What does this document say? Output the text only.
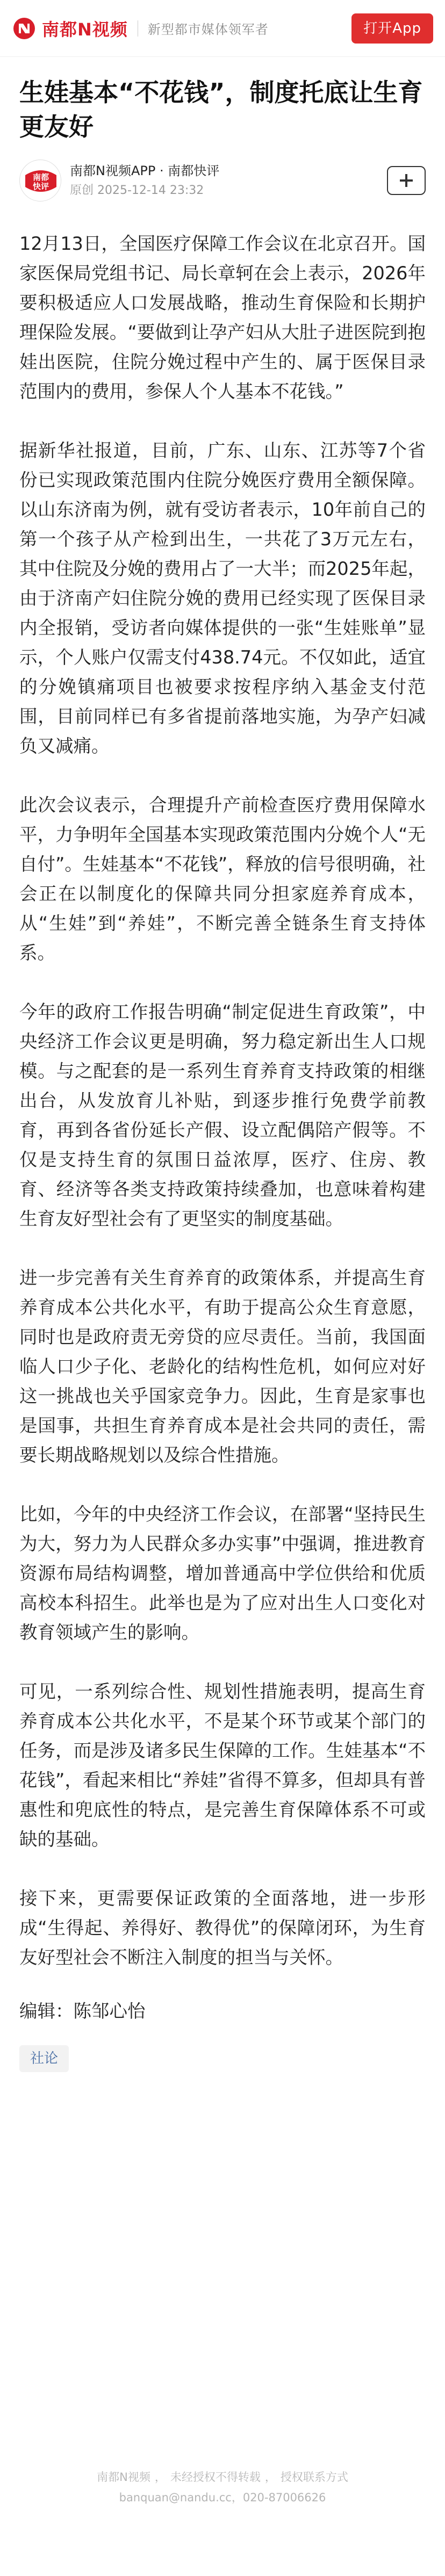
南都N视频 新型都市媒体领军者	打开App
生娃基本“不花钱”，制度托底让生育更友好
南都
快评
南都N视频APP · 南都快评
原创 2025-12-14 23:32

12月13日，全国医疗保障工作会议在北京召开。国家医保局党组书记、局长章轲在会上表示，2026年要积极适应人口发展战略，推动生育保险和长期护理保险发展。“要做到让孕产妇从大肚子进医院到抱娃出医院，住院分娩过程中产生的、属于医保目录范围内的费用，参保人个人基本不花钱。”

据新华社报道，目前，广东、山东、江苏等7个省份已实现政策范围内住院分娩医疗费用全额保障。以山东济南为例，就有受访者表示，10年前自己的第一个孩子从产检到出生，一共花了3万元左右，其中住院及分娩的费用占了一大半；而2025年起，由于济南产妇住院分娩的费用已经实现了医保目录内全报销，受访者向媒体提供的一张“生娃账单”显示，个人账户仅需支付438.74元。不仅如此，适宜的分娩镇痛项目也被要求按程序纳入基金支付范围，目前同样已有多省提前落地实施，为孕产妇减负又减痛。

此次会议表示，合理提升产前检查医疗费用保障水平，力争明年全国基本实现政策范围内分娩个人“无自付”。生娃基本“不花钱”，释放的信号很明确，社会正在以制度化的保障共同分担家庭养育成本，从“生娃”到“养娃”，不断完善全链条生育支持体系。

今年的政府工作报告明确“制定促进生育政策”，中央经济工作会议更是明确，努力稳定新出生人口规模。与之配套的是一系列生育养育支持政策的相继出台，从发放育儿补贴，到逐步推行免费学前教育，再到各省份延长产假、设立配偶陪产假等。不仅是支持生育的氛围日益浓厚，医疗、住房、教育、经济等各类支持政策持续叠加，也意味着构建生育友好型社会有了更坚实的制度基础。

进一步完善有关生育养育的政策体系，并提高生育养育成本公共化水平，有助于提高公众生育意愿，同时也是政府责无旁贷的应尽责任。当前，我国面临人口少子化、老龄化的结构性危机，如何应对好这一挑战也关乎国家竞争力。因此，生育是家事也是国事，共担生育养育成本是社会共同的责任，需要长期战略规划以及综合性措施。

比如，今年的中央经济工作会议，在部署“坚持民生为大，努力为人民群众多办实事”中强调，推进教育资源布局结构调整，增加普通高中学位供给和优质高校本科招生。此举也是为了应对出生人口变化对教育领域产生的影响。

可见，一系列综合性、规划性措施表明，提高生育养育成本公共化水平，不是某个环节或某个部门的任务，而是涉及诸多民生保障的工作。生娃基本“不花钱”，看起来相比“养娃”省得不算多，但却具有普惠性和兜底性的特点，是完善生育保障体系不可或缺的基础。

接下来，更需要保证政策的全面落地，进一步形成“生得起、养得好、教得优”的保障闭环，为生育友好型社会不断注入制度的担当与关怀。

编辑：陈邹心怡
社论
南都N视频 ， 未经授权不得转载 ， 授权联系方式
banquan@nandu.cc，020-87006626
